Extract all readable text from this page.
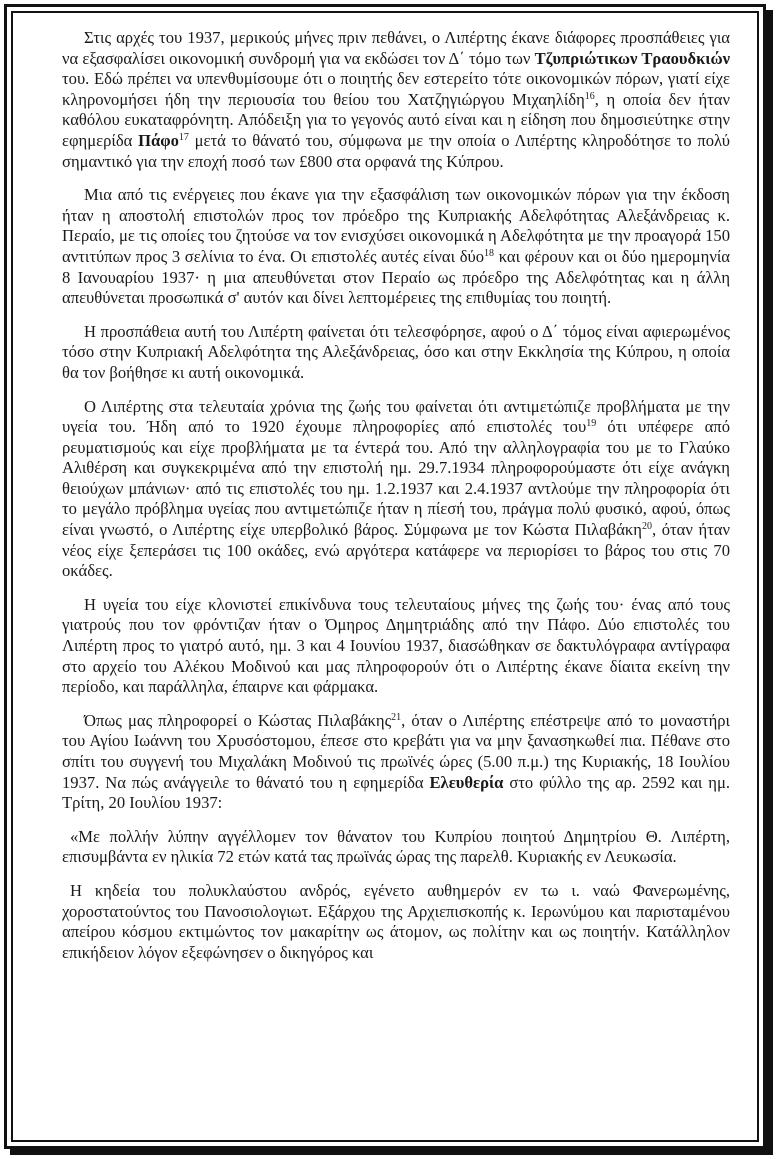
Στις αρχές του 1937, μερικούς μήνες πριν πεθάνει, ο Λιπέρτης έκανε διάφορες προσπάθειες για να εξασφαλίσει οικονομική συνδρομή για να εκδώσει τον Δ΄ τόμο των Τζυπριώτικων Τραουδκιών του. Εδώ πρέπει να υπενθυμίσουμε ότι ο ποιητής δεν εστερείτο τότε οικονομικών πόρων, γιατί είχε κληρονομήσει ήδη την περιουσία του θείου του Χατζηγιώργου Μιχαηλίδη$^{16}$, η οποία δεν ήταν καθόλου ευκαταφρόνητη. Απόδειξη για το γεγονός αυτό είναι και η είδηση που δημοσιεύτηκε στην εφημερίδα Πάφο$^{17}$ μετά το θάνατό του, σύμφωνα με την οποία ο Λιπέρτης κληροδότησε το πολύ σημαντικό για την εποχή ποσό των £800 στα ορφανά της Κύπρου.

Μια από τις ενέργειες που έκανε για την εξασφάλιση των οικονομικών πόρων για την έκδοση ήταν η αποστολή επιστολών προς τον πρόεδρο της Κυπριακής Αδελφότητας Αλεξάνδρειας κ. Περαίο, με τις οποίες του ζητούσε να τον ενισχύσει οικονομικά η Αδελφότητα με την προαγορά 150 αντιτύπων προς 3 σελίνια το ένα. Οι επιστολές αυτές είναι δύο$^{18}$ και φέρουν και οι δύο ημερομηνία 8 Ιανουαρίου 1937· η μια απευθύνεται στον Περαίο ως πρόεδρο της Αδελφότητας και η άλλη απευθύνεται προσωπικά σ' αυτόν και δίνει λεπτομέρειες της επιθυμίας του ποιητή.

Η προσπάθεια αυτή του Λιπέρτη φαίνεται ότι τελεσφόρησε, αφού ο Δ΄ τόμος είναι αφιερωμένος τόσο στην Κυπριακή Αδελφότητα της Αλεξάνδρειας, όσο και στην Εκκλησία της Κύπρου, η οποία θα τον βοήθησε κι αυτή οικονομικά.

Ο Λιπέρτης στα τελευταία χρόνια της ζωής του φαίνεται ότι αντιμετώπιζε προβλήματα με την υγεία του. Ήδη από το 1920 έχουμε πληροφορίες από επιστολές του$^{19}$ ότι υπέφερε από ρευματισμούς και είχε προβλήματα με τα έντερά του. Από την αλληλογραφία του με το Γλαύκο Αλιθέρση και συγκεκριμένα από την επιστολή ημ. 29.7.1934 πληροφορούμαστε ότι είχε ανάγκη θειούχων μπάνιων· από τις επιστολές του ημ. 1.2.1937 και 2.4.1937 αντλούμε την πληροφορία ότι το μεγάλο πρόβλημα υγείας που αντιμετώπιζε ήταν η πίεσή του, πράγμα πολύ φυσικό, αφού, όπως είναι γνωστό, ο Λιπέρτης είχε υπερβολικό βάρος. Σύμφωνα με τον Κώστα Πιλαβάκη$^{20}$, όταν ήταν νέος είχε ξεπεράσει τις 100 οκάδες, ενώ αργότερα κατάφερε να περιορίσει το βάρος του στις 70 οκάδες.

Η υγεία του είχε κλονιστεί επικίνδυνα τους τελευταίους μήνες της ζωής του· ένας από τους γιατρούς που τον φρόντιζαν ήταν ο Όμηρος Δημητριάδης από την Πάφο. Δύο επιστολές του Λιπέρτη προς το γιατρό αυτό, ημ. 3 και 4 Ιουνίου 1937, διασώθηκαν σε δακτυλόγραφα αντίγραφα στο αρχείο του Αλέκου Μοδινού και μας πληροφορούν ότι ο Λιπέρτης έκανε δίαιτα εκείνη την περίοδο, και παράλληλα, έπαιρνε και φάρμακα.

Όπως μας πληροφορεί ο Κώστας Πιλαβάκης$^{21}$, όταν ο Λιπέρτης επέστρεψε από το μοναστήρι του Αγίου Ιωάννη του Χρυσόστομου, έπεσε στο κρεβάτι για να μην ξανασηκωθεί πια. Πέθανε στο σπίτι του συγγενή του Μιχαλάκη Μοδινού τις πρωϊνές ώρες (5.00 π.μ.) της Κυριακής, 18 Ιουλίου 1937. Να πώς ανάγγειλε το θάνατό του η εφημερίδα Ελευθερία στο φύλλο της αρ. 2592 και ημ. Τρίτη, 20 Ιουλίου 1937:

«Με πολλήν λύπην αγγέλλομεν τον θάνατον του Κυπρίου ποιητού Δημητρίου Θ. Λιπέρτη, επισυμβάντα εν ηλικία 72 ετών κατά τας πρωϊνάς ώρας της παρελθ. Κυριακής εν Λευκωσία.

Η κηδεία του πολυκλαύστου ανδρός, εγένετο αυθημερόν εν τω ι. ναώ Φανερωμένης, χοροστατούντος του Πανοσιολογιωτ. Εξάρχου της Αρχιεπισκοπής κ. Ιερωνύμου και παρισταμένου απείρου κόσμου εκτιμώντος τον μακαρίτην ως άτομον, ως πολίτην και ως ποιητήν. Κατάλληλον επικήδειον λόγον εξεφώνησεν ο δικηγόρος και
